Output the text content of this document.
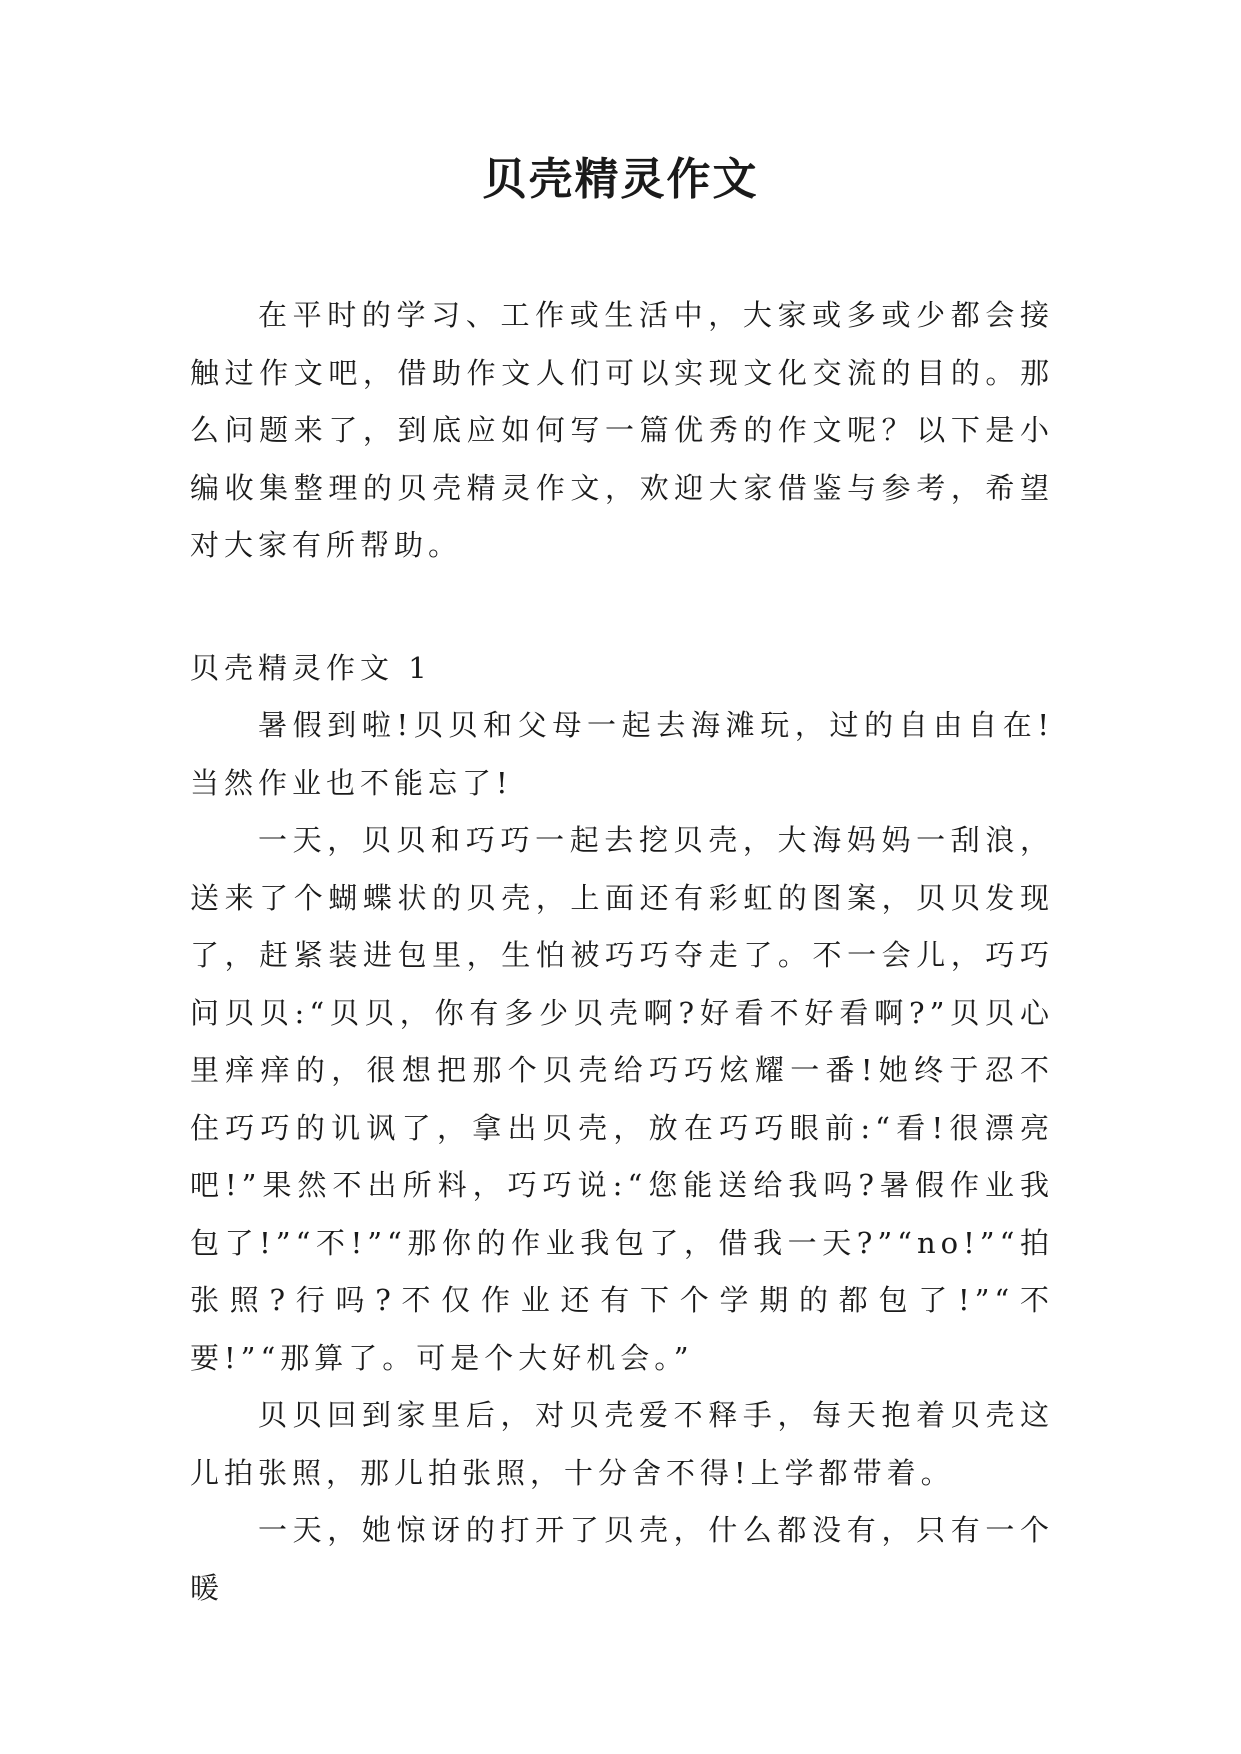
贝壳精灵作文

在平时的学习、工作或生活中，大家或多或少都会接触过作文吧，借助作文人们可以实现文化交流的目的。那么问题来了，到底应如何写一篇优秀的作文呢？以下是小编收集整理的贝壳精灵作文，欢迎大家借鉴与参考，希望对大家有所帮助。

贝壳精灵作文 1

暑假到啦!贝贝和父母一起去海滩玩，过的自由自在!当然作业也不能忘了!

一天，贝贝和巧巧一起去挖贝壳，大海妈妈一刮浪，送来了个蝴蝶状的贝壳，上面还有彩虹的图案，贝贝发现了，赶紧装进包里，生怕被巧巧夺走了。不一会儿，巧巧问贝贝:“贝贝，你有多少贝壳啊?好看不好看啊?”贝贝心里痒痒的，很想把那个贝壳给巧巧炫耀一番!她终于忍不住巧巧的讥讽了，拿出贝壳，放在巧巧眼前:“看!很漂亮吧!”果然不出所料，巧巧说:“您能送给我吗?暑假作业我包了!”“不!”“那你的作业我包了，借我一天?”“no!”“拍张照?行吗?不仅作业还有下个学期的都包了!”“不要!”“那算了。可是个大好机会。”

贝贝回到家里后，对贝壳爱不释手，每天抱着贝壳这儿拍张照，那儿拍张照，十分舍不得!上学都带着。

一天，她惊讶的打开了贝壳，什么都没有，只有一个暖
